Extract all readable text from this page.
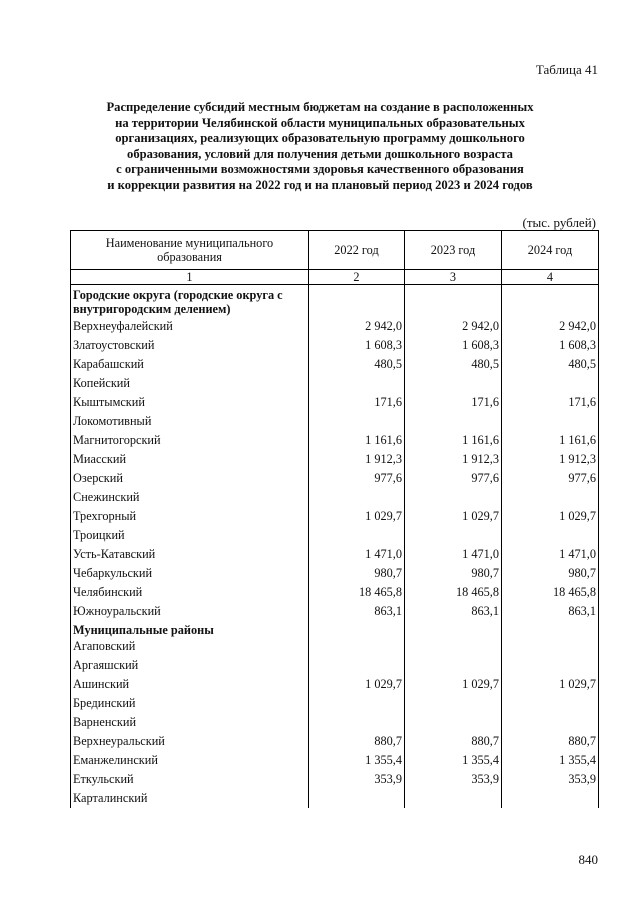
Таблица 41
Распределение субсидий местным бюджетам на создание в расположенных
на территории Челябинской области муниципальных образовательных
организациях, реализующих образовательную программу дошкольного
образования, условий для получения детьми дошкольного возраста
с ограниченными возможностями здоровья качественного образования
и коррекции развития на 2022 год и на плановый период 2023 и 2024 годов
(тыс. рублей)
Наименование муниципального образования	2022 год	2023 год	2024 год
1	2	3	4
Городские округа (городские округа с внутригородским делением)			
Верхнеуфалейский	2 942,0	2 942,0	2 942,0
Златоустовский	1 608,3	1 608,3	1 608,3
Карабашский	480,5	480,5	480,5
Копейский			
Кыштымский	171,6	171,6	171,6
Локомотивный			
Магнитогорский	1 161,6	1 161,6	1 161,6
Миасский	1 912,3	1 912,3	1 912,3
Озерский	977,6	977,6	977,6
Снежинский			
Трехгорный	1 029,7	1 029,7	1 029,7
Троицкий			
Усть-Катавский	1 471,0	1 471,0	1 471,0
Чебаркульский	980,7	980,7	980,7
Челябинский	18 465,8	18 465,8	18 465,8
Южноуральский	863,1	863,1	863,1
Муниципальные районы			
Агаповский			
Аргаяшский			
Ашинский	1 029,7	1 029,7	1 029,7
Брединский			
Варненский			
Верхнеуральский	880,7	880,7	880,7
Еманжелинский	1 355,4	1 355,4	1 355,4
Еткульский	353,9	353,9	353,9
Карталинский			
840
